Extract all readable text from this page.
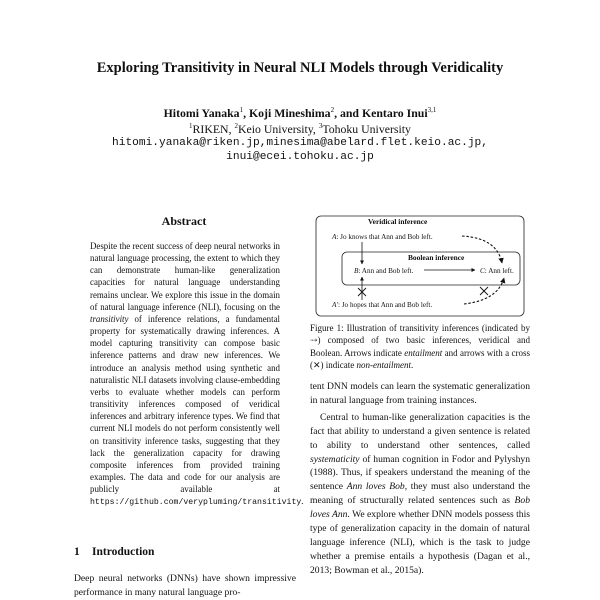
Exploring Transitivity in Neural NLI Models through Veridicality
Hitomi Yanaka$^1$, Koji Mineshima$^2$, and Kentaro Inui$^{3,1}$
$^1$RIKEN, $^2$Keio University, $^3$Tohoku University
hitomi.yanaka@riken.jp,minesima@abelard.flet.keio.ac.jp,
inui@ecei.tohoku.ac.jp
Abstract

Despite the recent success of deep neural networks in natural language processing, the extent to which they can demonstrate human-like generalization capacities for natural language understanding remains unclear. We explore this issue in the domain of natural language inference (NLI), focusing on the transitivity of inference relations, a fundamental property for systematically drawing inferences. A model capturing transitivity can compose basic inference patterns and draw new inferences. We introduce an analysis method using synthetic and naturalistic NLI datasets involving clause-embedding verbs to evaluate whether models can perform transitivity inferences composed of veridical inferences and arbitrary inference types. We find that current NLI models do not perform consistently well on transitivity inference tasks, suggesting that they lack the generalization capacity for drawing composite inferences from provided training examples. The data and code for our analysis are publicly available at https://github.com/verypluming/transitivity.

1 Introduction

Deep neural networks (DNNs) have shown impressive performance in many natural language pro-

Veridical inference
A: Jo knows that Ann and Bob left.
Boolean inference
B: Ann and Bob left.	C: Ann left.
A′: Jo hopes that Ann and Bob left.
Figure 1: Illustration of transitivity inferences (indicated by ⇢) composed of two basic inferences, veridical and Boolean. Arrows indicate entailment and arrows with a cross (✕) indicate non-entailment.

tent DNN models can learn the systematic generalization in natural language from training instances.

Central to human-like generalization capacities is the fact that ability to understand a given sentence is related to ability to understand other sentences, called systematicity of human cognition in Fodor and Pylyshyn (1988). Thus, if speakers understand the meaning of the sentence Ann loves Bob, they must also understand the meaning of structurally related sentences such as Bob loves Ann. We explore whether DNN models possess this type of generalization capacity in the domain of natural language inference (NLI), which is the task to judge whether a premise entails a hypothesis (Dagan et al., 2013; Bowman et al., 2015a).
